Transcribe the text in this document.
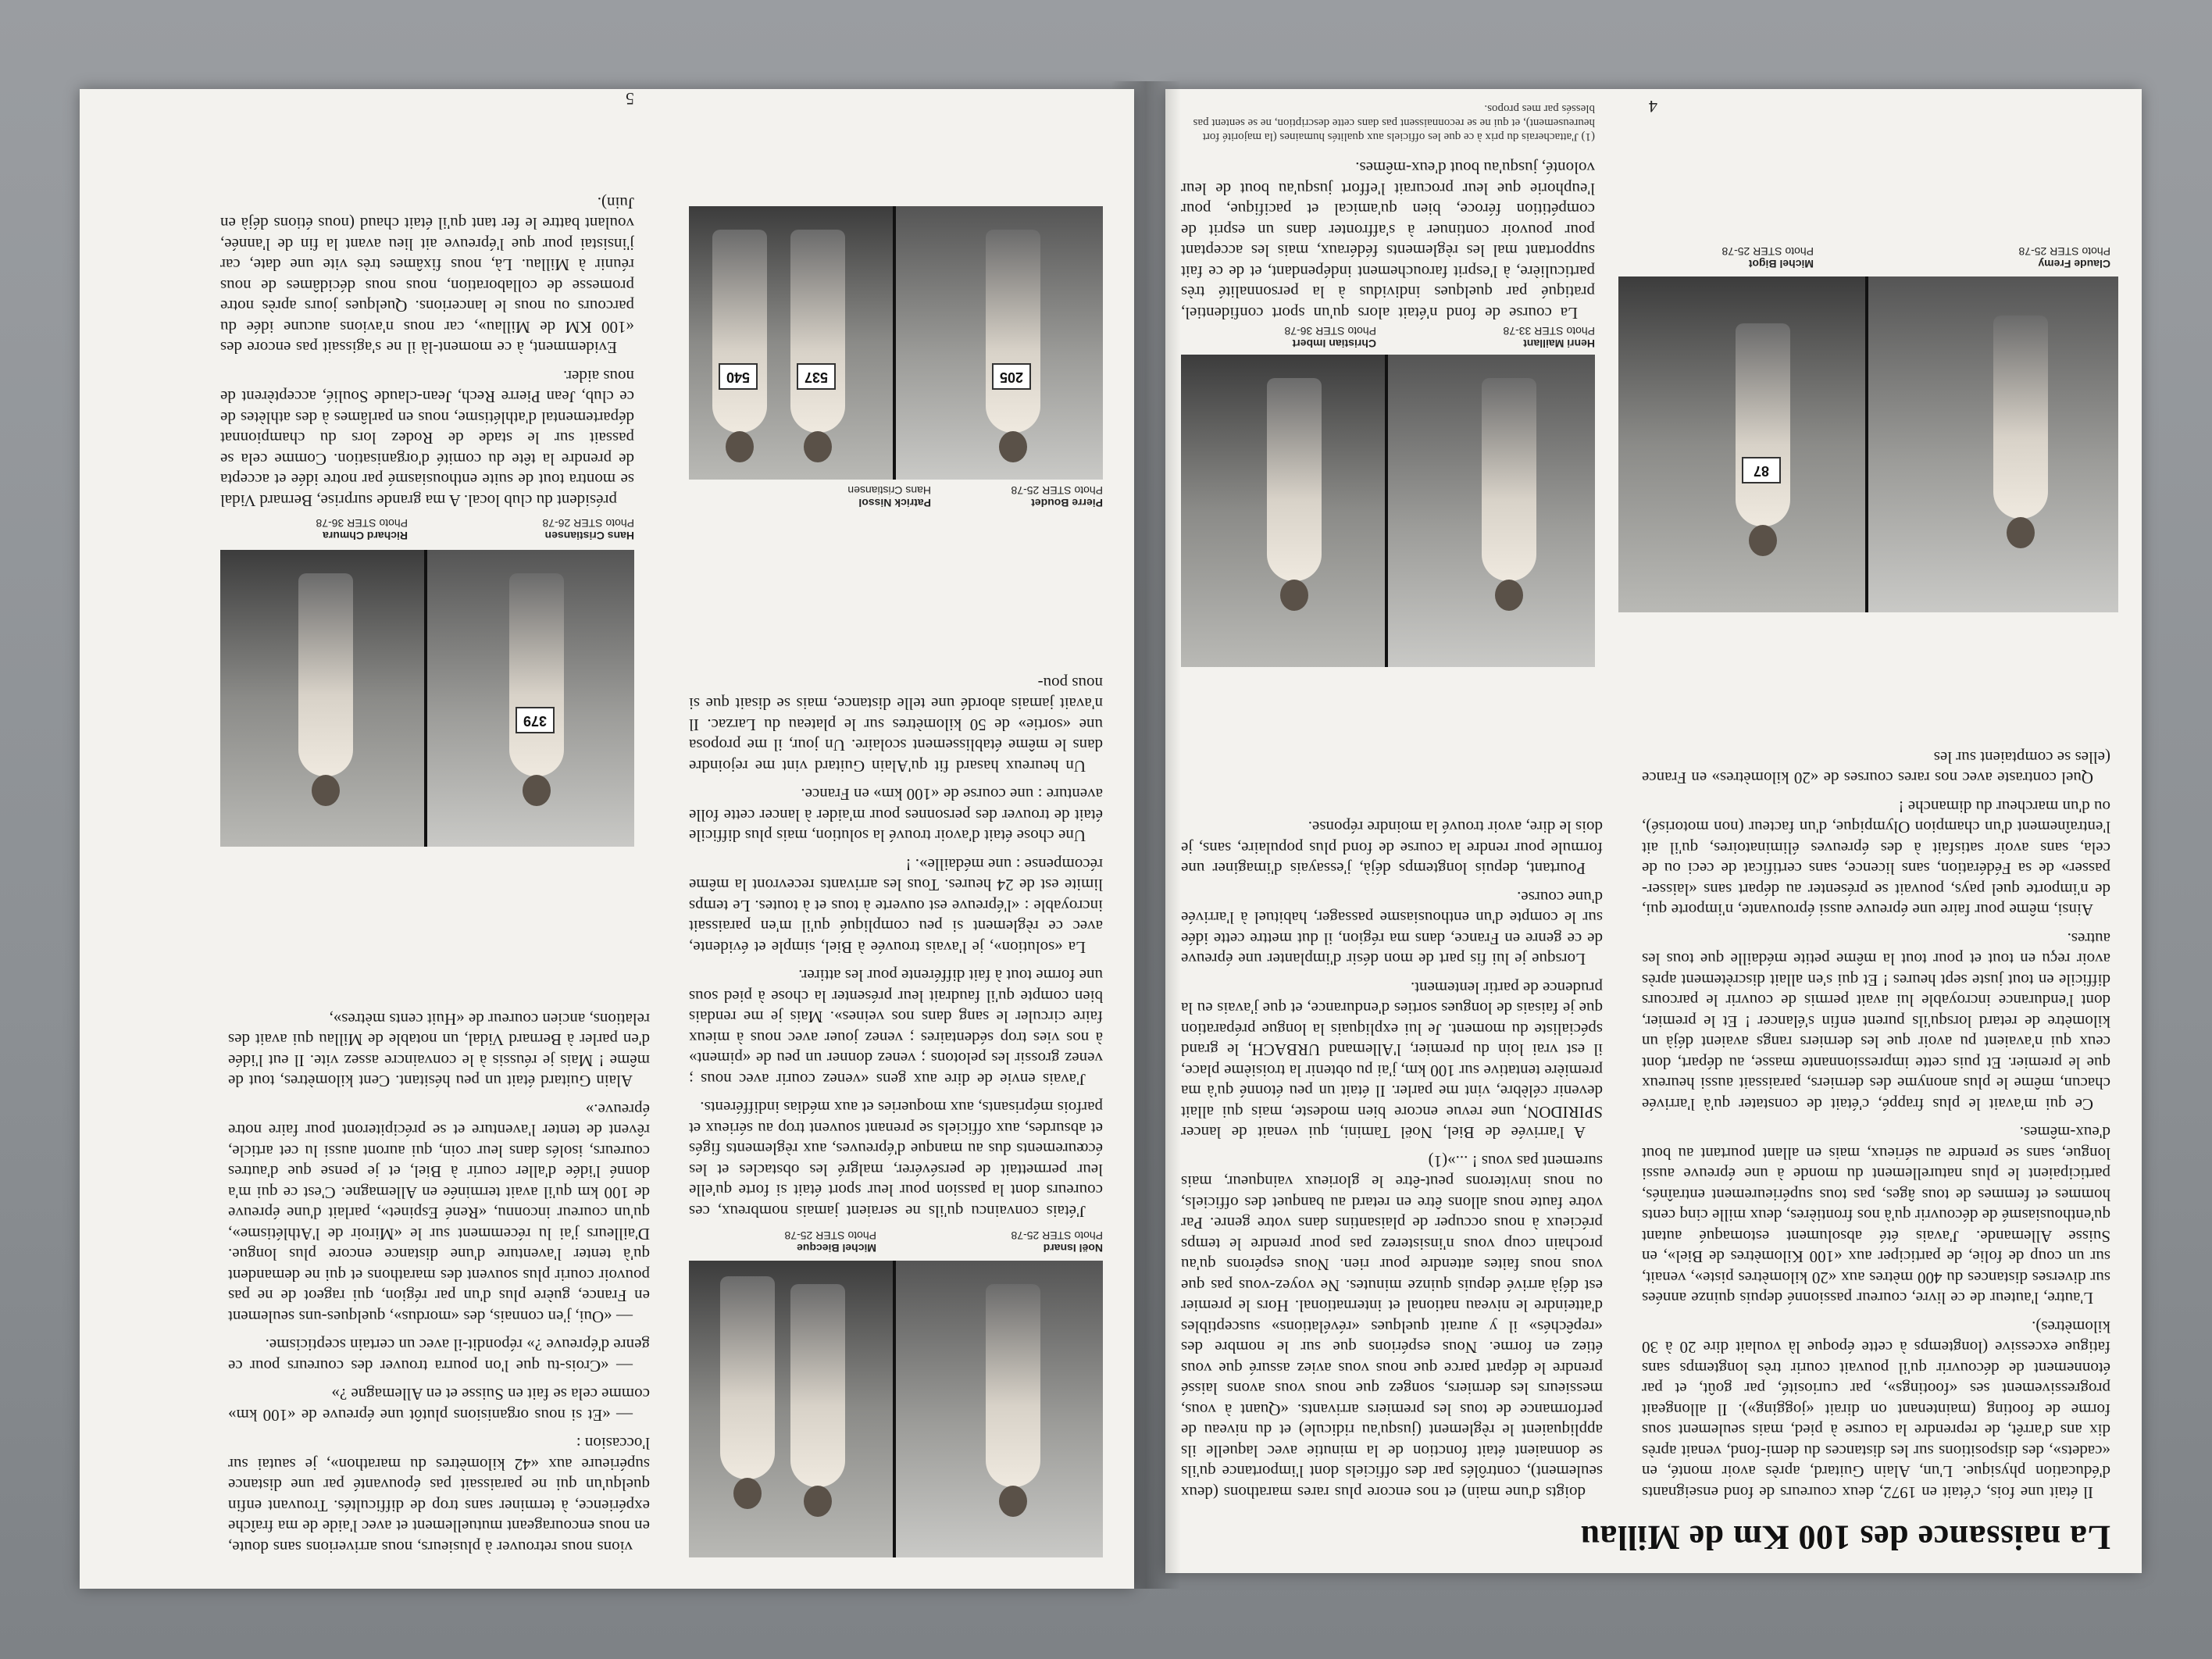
La naissance des 100 Km de Millau
4

Il était une fois, c'était en 1972, deux coureurs de fond enseignants d'éducation physique. L'un, Alain Guitard, après avoir monté, en «cadets», des dispositions sur les distances du demi-fond, venait après dix ans d'arrêt, de reprendre la course à pied, mais seulement sous forme de footing (maintenant on dirait «jogging»). Il allongeait progressivement ses «footings», par curiosité, par goût, et par étonnement de découvrir qu'il pouvait courir très longtemps sans fatigue excessive (longtemps à cette époque là voulait dire 20 à 30 kilomètres).

L'autre, l'auteur de ce livre, coureur passionné depuis quinze années sur diverses distances du 400 mètres aux «20 kilomètres piste», venait, sur un coup de folie, de participer aux «100 Kilomètres de Biel», en Suisse Allemande. J'avais été absolument estomaqué autant qu'enthousiasmé de découvrir qu'à nos frontières, deux mille cinq cents hommes et femmes de tous âges, pas tous supérieurement entraînés, participaient le plus naturellement du monde à une épreuve aussi longue, sans se prendre au sérieux, mais en allant pourtant au bout d'eux-mêmes.

Ce qui m'avait le plus frappé, c'était de constater qu'à l'arrivée chacun, même le plus anonyme des derniers, paraissait aussi heureux que le premier. Et puis cette impressionnante masse, au départ, dont ceux qui n'avaient pu avoir que les derniers rangs avaient déjà un kilomètre de retard lorsqu'ils purent enfin s'élancer ! Et le premier, dont l'endurance incroyable lui avait permis de couvrir le parcours difficile en tout juste sept heures ! Et qui s'en allait discrètement après avoir reçu en tout et pour tout la même petite médaille que tous les autres.

Ainsi, même pour faire une épreuve aussi éprouvante, n'importe qui, de n'importe quel pays, pouvait se présenter au départ sans «laisser-passer» de sa Fédération, sans licence, sans certificat de ceci ou de cela, sans avoir satisfait à des épreuves éliminatoires, qu'il ait l'entraînement d'un champion Olympique, d'un facteur (non motorisé), ou d'un marcheur du dimanche !

Quel contraste avec nos rares courses de «20 kilomètres» en France (elles se comptaient sur les

87
Claude Fremy
Photo STER 25-78
Michel Bigot
Photo STER 25-78

doigts d'une main) et nos encore plus rares marathons (deux seulement), contrôlés par des officiels dont l'importance qu'ils se donnaient était fonction de la minutie avec laquelle ils appliquaient le règlement (jusqu'au ridicule) et du niveau de performance de tous les premiers arrivants. «Quant à vous, messieurs les derniers, songez que nous vous avons laissé prendre le départ parce que nous vous aviez assuré que vous étiez en forme. Nous espérions que sur le nombre des «repêchés» il y aurait quelques «révélations» susceptibles d'atteindre le niveau national et international. Hors le premier est déjà arrivé depuis quinze minutes. Ne voyez-vous pas que vous nous faites attendre pour rien. Nous espérons qu'au prochain coup vous n'insisterez pas pour prendre le temps précieux à nous occuper de plaisantins dans votre genre. Par votre faute nous allons être en retard au banquet des officiels, ou nous inviterons peut-être le glorieux vainqueur, mais surement pas vous ! ...»(1)

A l'arrivée de Biel, Noël Tamini, qui venait de lancer SPIRIDON, une revue encore bien modeste, mais qui allait devenir célèbre, vint me parler. Il était un peu étonné qu'à ma première tentative sur 100 km, j'ai pu obtenir la troisième place, il est vrai loin du premier, l'Allemand URBACH, le grand spécialiste du moment. Je lui expliquais la longue préparation que je faisais de longues sorties d'endurance, et que j'avais eu la prudence de partir lentement.

Lorsque je lui fis part de mon désir d'implanter une épreuve de ce genre en France, dans ma région, il dut mettre cette idée sur le compte d'un enthousiasme passager, habituel à l'arrivée d'une course.

Pourtant, depuis longtemps déjà, j'essayais d'imaginer une formule pour rendre la course de fond plus populaire, sans, je dois le dire, avoir trouvé la moindre réponse.

Henri Maillant
Photo STER 33-78
Christian Imbert
Photo STER 36-78

La course de fond n'était alors qu'un sport confidentiel, pratiqué par quelques individus à la personnalité très particulière, à l'esprit farouchement indépendant, et de ce fait supportant mal les règlements fédéraux, mais les acceptant pour pouvoir continuer à s'affronter dans un esprit de compétition féroce, bien qu'amical et pacifique, pour l'euphorie que leur procurait l'effort jusqu'au bout de leur volonté, jusqu'au bout d'eux-mêmes.

(1) J'attacherais du prix à ce que les officiels aux qualités humaines (la majorité fort heureusement), et qui ne se reconnaissent pas dans cette description, ne se sentent pas blessés par mes propos.
5
Noël Isnard
Photo STER 25-78
Michel Biecque
Photo STER 25-78

J'étais convaincu qu'ils ne seraient jamais nombreux, ces coureurs dont la passion pour leur sport était si forte qu'elle leur permettait de persévérer, malgré les obstacles et les écœurements dus au manque d'épreuves, aux règlements figés et absurdes, aux officiels se prenant souvent trop au sérieux et parfois méprisants, aux moqueries et aux médias indifférents.

J'avais envie de dire aux gens «venez courir avec nous ; venez grossir les pelotons ; venez donner un peu de «piment» à nos vies trop sédentaires ; venez jouer avec nous à mieux faire circuler le sang dans nos veines». Mais je me rendais bien compte qu'il faudrait leur présenter la chose à pied sous une forme tout à fait différente pour les attirer.

La «solution», je l'avais trouvée à Biel, simple et évidente, avec ce règlement si peu compliqué qu'il m'en paraissait incroyable : «l'épreuve est ouverte à tous et à toutes. Le temps limite est de 24 heures. Tous les arrivants recevront la même récompense : une médaille». !

Une chose était d'avoir trouvé la solution, mais plus difficile était de trouver des personnes pour m'aider à lancer cette folle aventure : une course de «100 km» en France.

Un heureux hasard fit qu'Alain Guitard vint me rejoindre dans le même établissement scolaire. Un jour, il me proposa une «sortie» de 50 kilomètres sur le plateau du Larzac. Il n'avait jamais abordé une telle distance, mais se disait que si nous pou-

Pierre Boudet
Photo STER 25-78
Patrick Nissol
Hans Cristiansen
205
537
540

vions nous retrouver à plusieurs, nous arriverions sans doute, en nous encourageant mutuellement et avec l'aide de ma fraîche expérience, à terminer sans trop de difficultés. Trouvant enfin quelqu'un qui ne paraissait pas épouvanté par une distance supérieure aux «42 kilomètres du marathon», je sautai sur l'occasion :

— «Et si nous organisions plutôt une épreuve de «100 km» comme cela se fait en Suisse et en Allemagne ?»

— «Crois-tu que l'on pourra trouver des coureurs pour ce genre d'épreuve ?» répondit-il avec un certain scepticisme.

— «Oui, j'en connais, des «mordus», quelques-uns seulement en France, guère plus d'un par région, qui rageot de ne pas pouvoir courir plus souvent des marathons et qui ne demandent qu'à tenter l'aventure d'une distance encore plus longue. D'ailleurs j'ai lu récemment sur le «Miroir de l'Athlétisme», qu'un coureur inconnu, «René Espinet», parlait d'une épreuve de 100 km qu'il avait terminée en Allemagne. C'est ce qui m'a donné l'idée d'aller courir à Biel, et je pense que d'autres coureurs, isolés dans leur coin, qui auront aussi lu cet article, rêvent de tenter l'aventure et se précipiteront pour faire notre épreuve.»

Alain Guitard était un peu hésitant. Cent kilomètres, tout de même ! Mais je réussis à le convaincre assez vite. Il eut l'idée d'en parler à Bernard Vidal, un notable de Millau qui avait des relations, ancien coureur de «Huit cents mètres»,

379
Hans Cristiansen
Photo STER 26-78
Richard Chmura
Photo STER 36-78

président du club local. A ma grande surprise, Bernard Vidal se montra tout de suite enthousiasmé par notre idée et accepta de prendre la tête du comité d'organisation. Comme cela se passait sur le stade de Rodez lors du championnat départemental d'athlétisme, nous en parlâmes à des athlètes de ce club, Jean Pierre Rech, Jean-claude Soulié, acceptèrent de nous aider.

Evidemment, à ce moment-là il ne s'agissait pas encore des «100 KM de Millau», car nous n'avions aucune idée du parcours ou nous le lancerions. Quelques jours après notre promesse de collaboration, nous nous décidâmes de nous réunir à Millau. Là, nous fixâmes très vite une date, car j'insistai pour que l'épreuve ait lieu avant la fin de l'année, voulant battre le fer tant qu'il était chaud (nous étions déjà en Juin).
